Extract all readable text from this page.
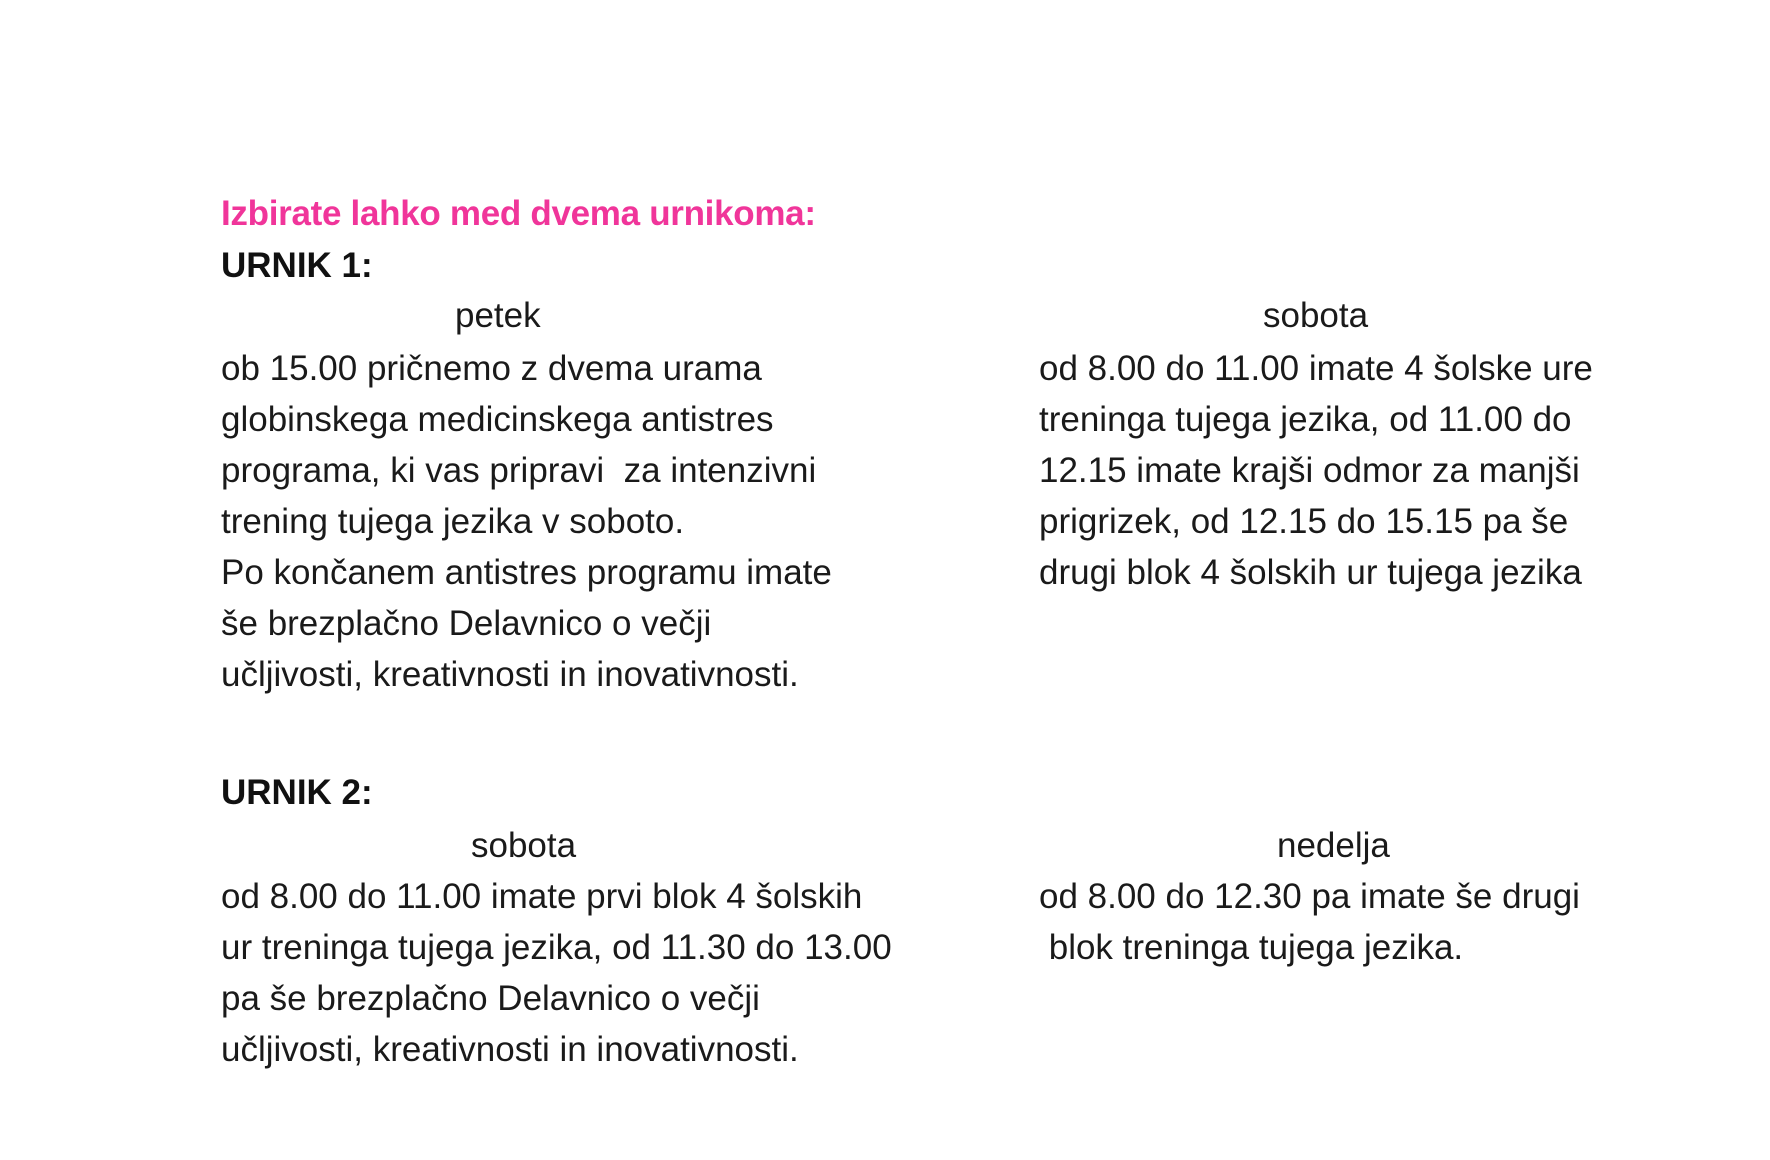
Izbirate lahko med dvema urnikoma:
URNIK 1:
petek	sobota
ob 15.00 pričnemo z dvema urama
globinskega medicinskega antistres
programa, ki vas pripravi  za intenzivni
trening tujega jezika v soboto.
Po končanem antistres programu imate
še brezplačno Delavnico o večji
učljivosti, kreativnosti in inovativnosti.
od 8.00 do 11.00 imate 4 šolske ure
treninga tujega jezika, od 11.00 do
12.15 imate krajši odmor za manjši
prigrizek, od 12.15 do 15.15 pa še
drugi blok 4 šolskih ur tujega jezika
URNIK 2:
sobota	nedelja
od 8.00 do 11.00 imate prvi blok 4 šolskih
ur treninga tujega jezika, od 11.30 do 13.00
pa še brezplačno Delavnico o večji
učljivosti, kreativnosti in inovativnosti.
od 8.00 do 12.30 pa imate še drugi
blok treninga tujega jezika.
